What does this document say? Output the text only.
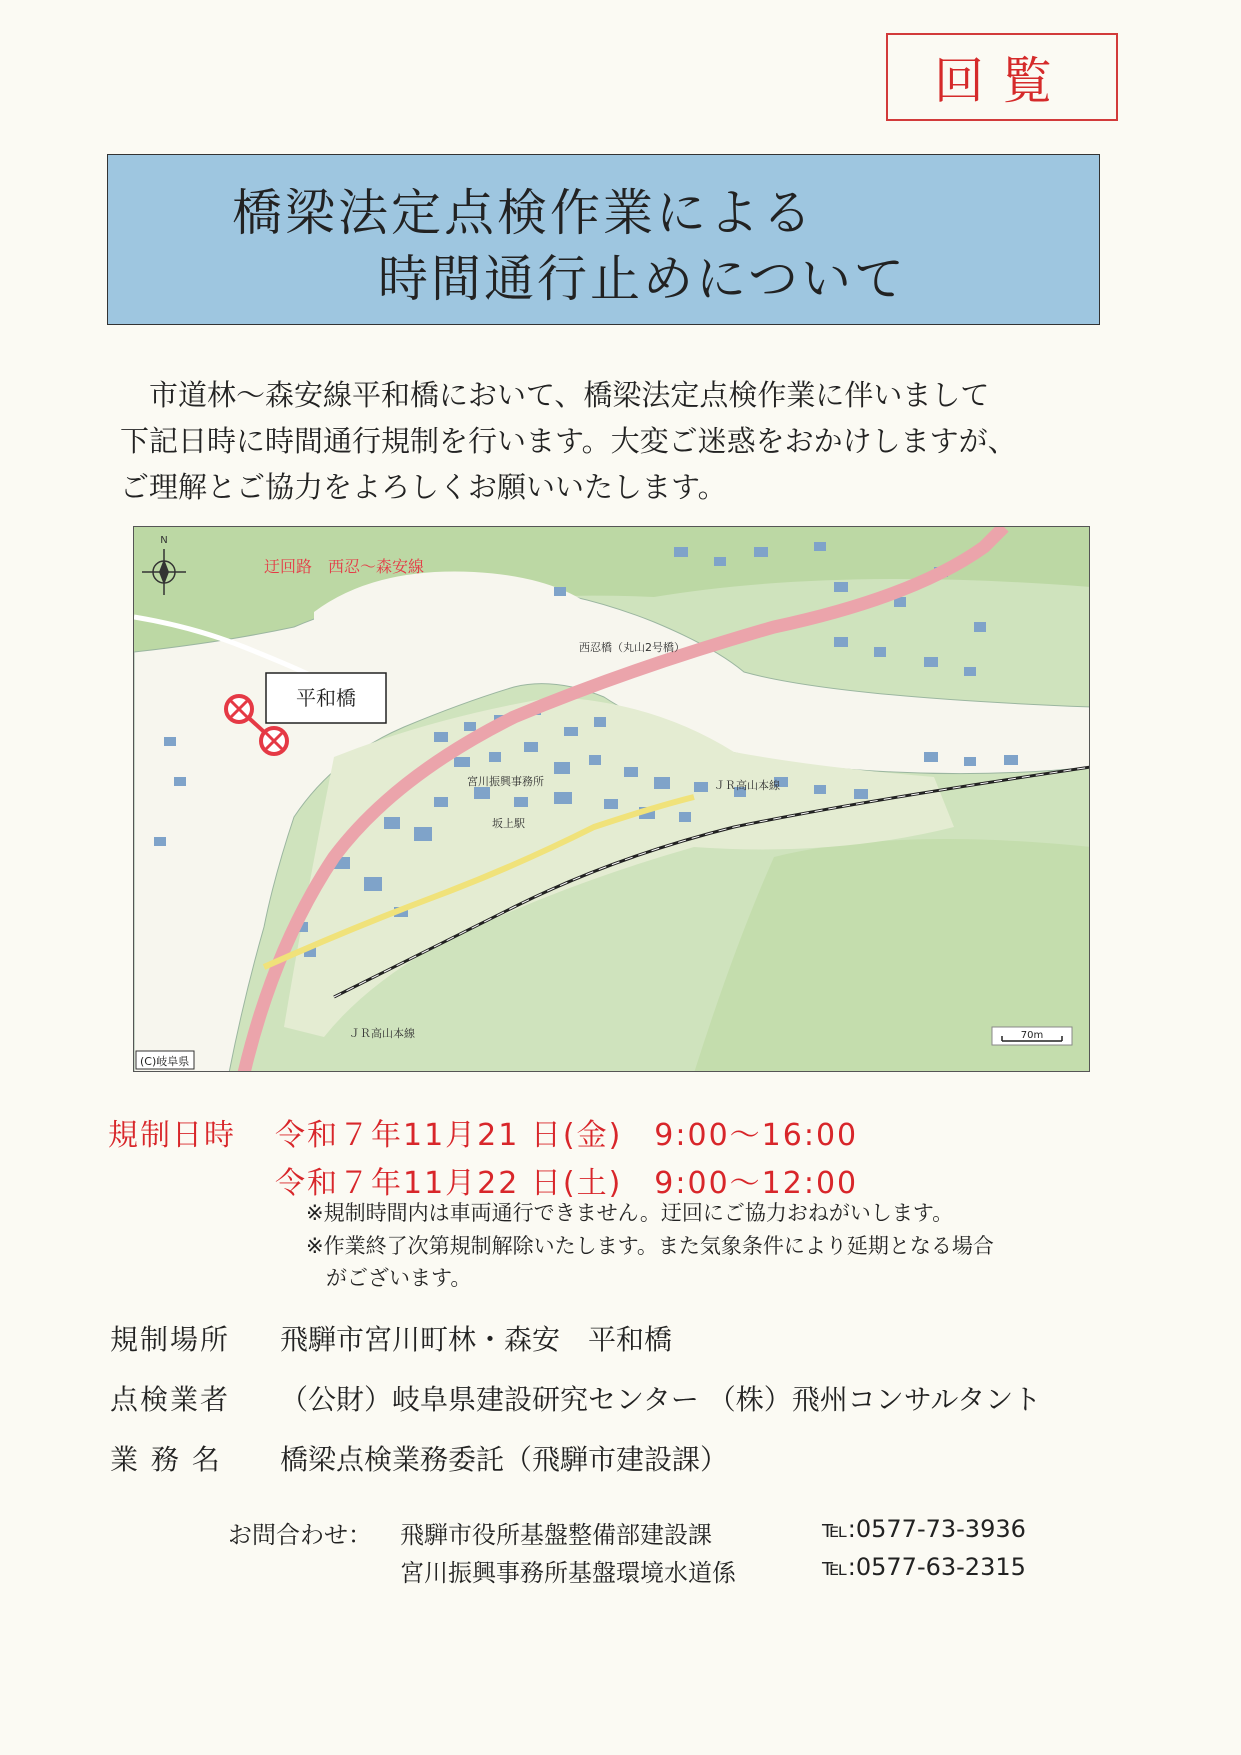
回覧
橋梁法定点検作業による
時間通行止めについて
　市道林～森安線平和橋において、橋梁法定点検作業に伴いまして
下記日時に時間通行規制を行います。大変ご迷惑をおかけしますが、
ご理解とご協力をよろしくお願いいたします。
平和橋
迂回路　西忍～森安線
西忍橋（丸山2号橋）
宮川振興事務所
坂上駅
ＪＲ高山本線
ＪＲ高山本線
N
(C)岐阜県
70m
規制日時 令和７年11月21 日(金)　9:00～16:00
令和７年11月22 日(土)　9:00～12:00
※規制時間内は車両通行できません。迂回にご協力おねがいします。
※作業終了次第規制解除いたします。また気象条件により延期となる場合
がございます。
規制場所 飛騨市宮川町林・森安　平和橋
点検業者 （公財）岐阜県建設研究センター （株）飛州コンサルタント
業 務 名 橋梁点検業務委託（飛騨市建設課）
お問合わせ： 飛騨市役所基盤整備部建設課	℡:0577-73-3936
宮川振興事務所基盤環境水道係	℡:0577-63-2315
